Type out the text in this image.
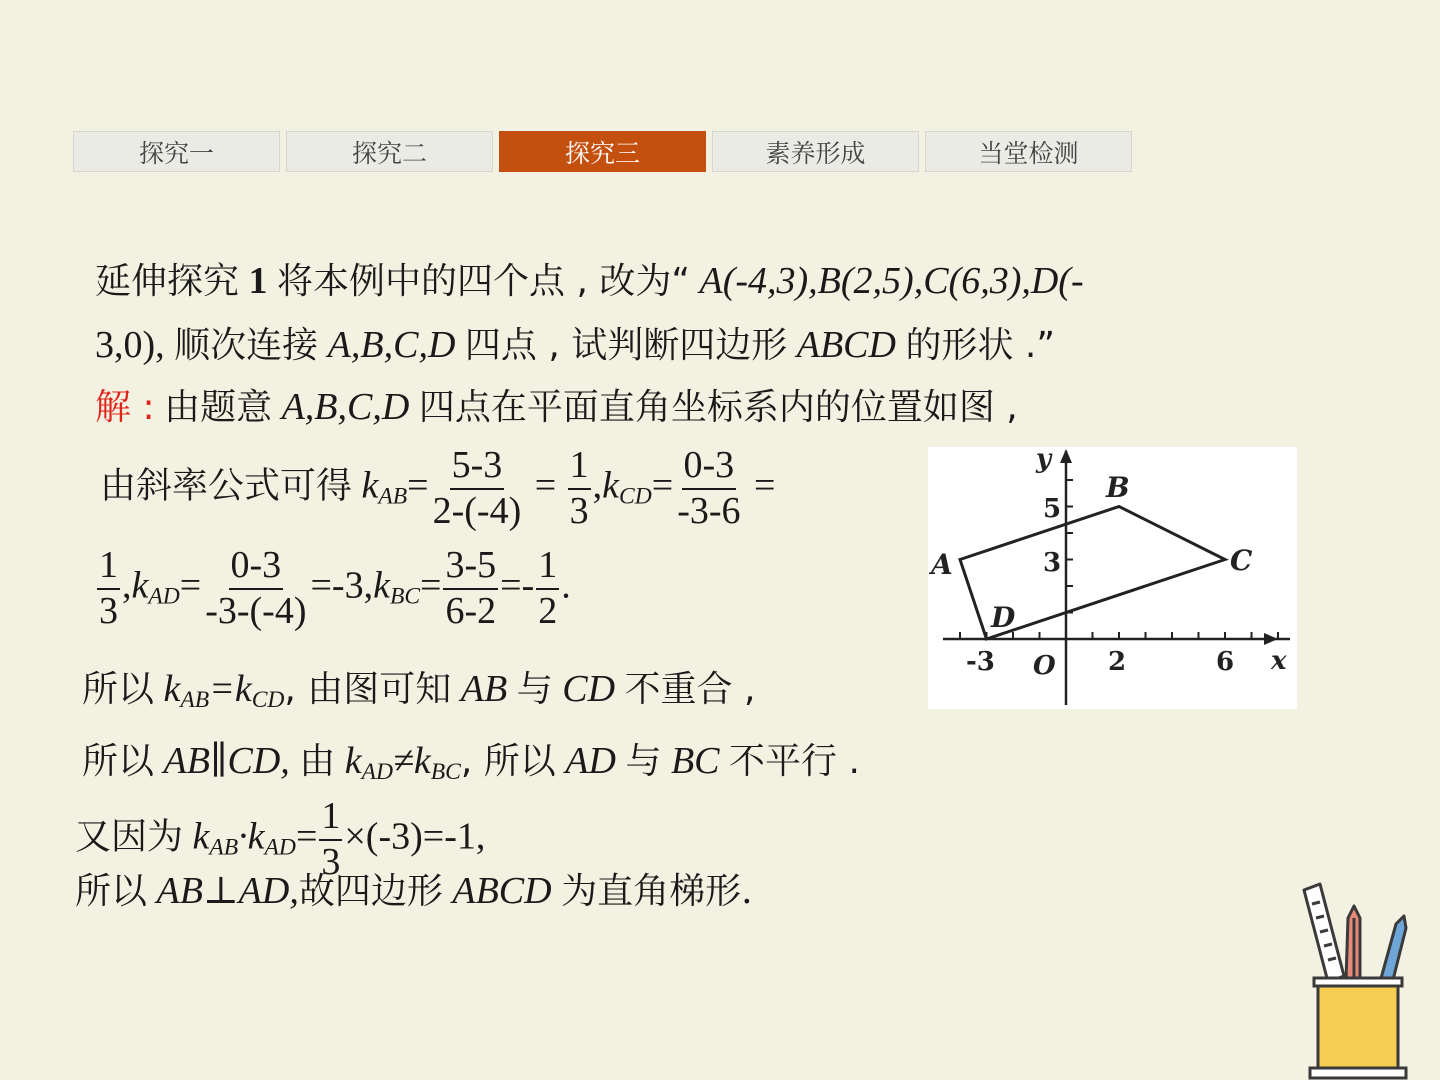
探究一	探究二	探究三	素养形成	当堂检测
延伸探究 1 将本例中的四个点 , 改为“ A(-4,3),B(2,5),C(6,3),D(-
3,0), 顺次连接 A,B,C,D 四点 , 试判断四边形 ABCD 的形状 .”
解 : 由题意 A,B,C,D 四点在平面直角坐标系内的位置如图 ,
由斜率公式可得 $k_{AB}= \frac{5-3}{2-(-4)} = \frac{1}{3} ,k_{CD}= \frac{0-3}{-3-6}$ =
$\frac{1}{3} ,k_{AD}= \frac{0-3}{-3-(-4)} =-3,k_{BC}= \frac{3-5}{6-2} =- \frac{1}{2}$ .
所以 $k_{AB}=k_{CD}$, 由图可知 AB 与 CD 不重合 ,
所以 AB∥CD, 由 $k_{AD}\ne k_{BC}$, 所以 AD 与 BC 不平行 .
又因为 $k_{AB}\cdot k_{AD}= \frac{1}{3} \times(-3)=-1$,
所以 AB⊥AD,故四边形 ABCD 为直角梯形.
B
A	C
D
y
x
5
3
-3 O 2	6
